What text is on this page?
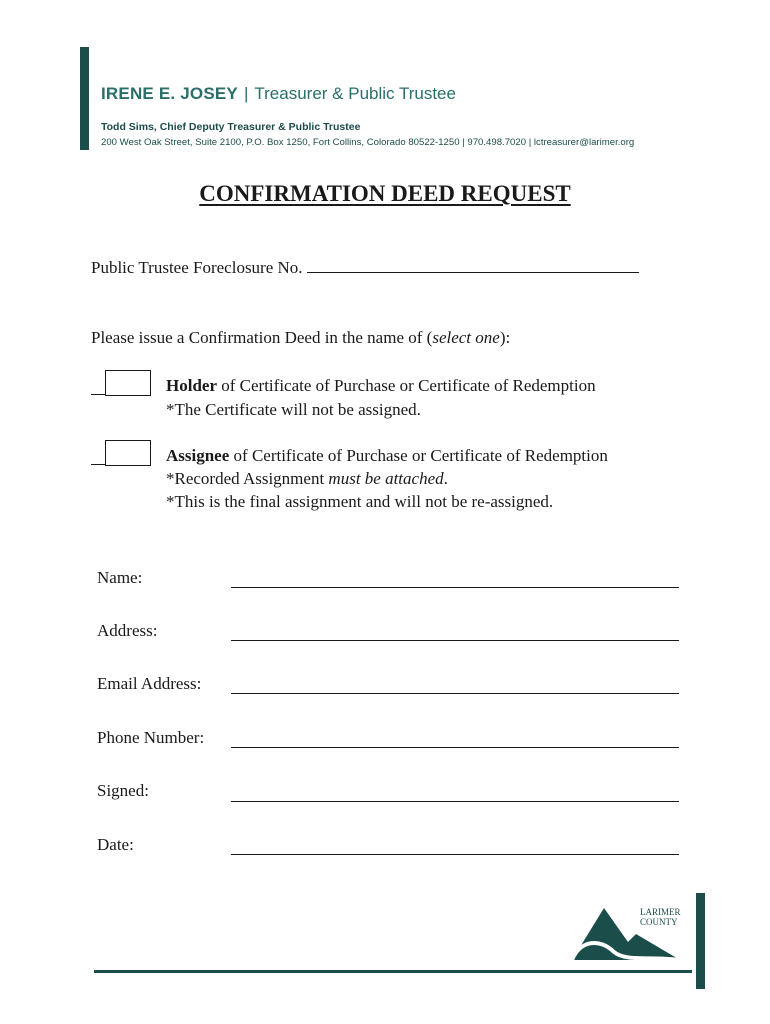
IRENE E. JOSEY | Treasurer & Public Trustee
Todd Sims, Chief Deputy Treasurer & Public Trustee
200 West Oak Street, Suite 2100, P.O. Box 1250, Fort Collins, Colorado 80522-1250 | 970.498.7020 | lctreasurer@larimer.org
CONFIRMATION DEED REQUEST
Public Trustee Foreclosure No.
Please issue a Confirmation Deed in the name of (select one):
Holder of Certificate of Purchase or Certificate of Redemption
*The Certificate will not be assigned.
Assignee of Certificate of Purchase or Certificate of Redemption
*Recorded Assignment must be attached.
*This is the final assignment and will not be re-assigned.
Name:
Address:
Email Address:
Phone Number:
Signed:
Date:
LARIMER
COUNTY
